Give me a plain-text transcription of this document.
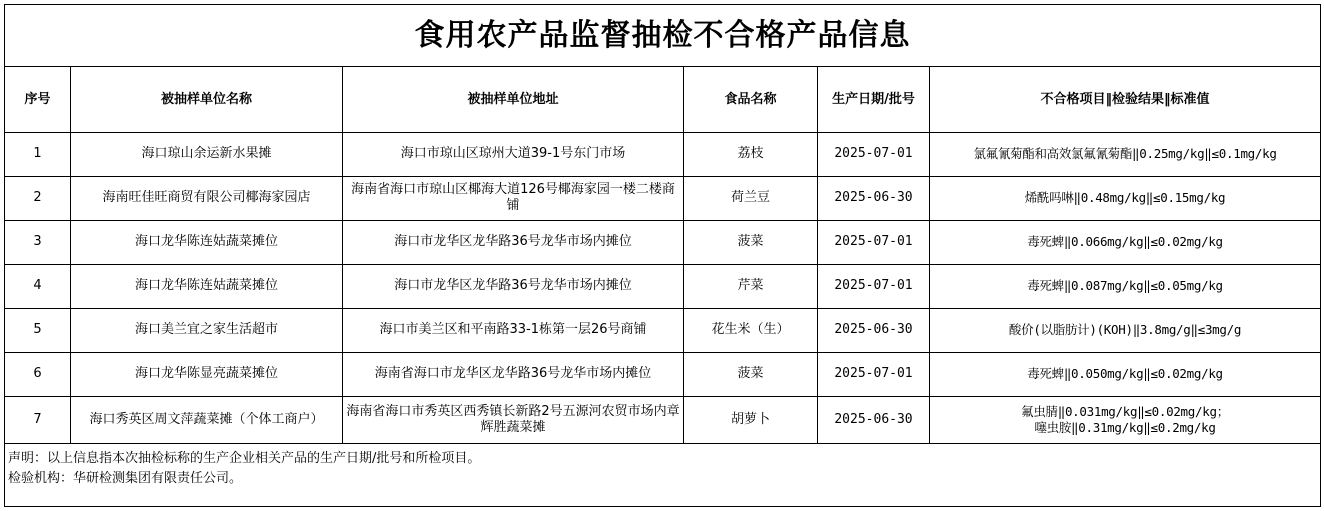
食用农产品监督抽检不合格产品信息					
序号	被抽样单位名称	被抽样单位地址	食品名称	生产日期/批号	不合格项目‖检验结果‖标准值
1	海口琼山余运新水果摊	海口市琼山区琼州大道39-1号东门市场	荔枝	2025-07-01	氯氟氰菊酯和高效氯氟氰菊酯‖0.25mg/kg‖≤0.1mg/kg

2	海南旺佳旺商贸有限公司椰海家园店	海南省海口市琼山区椰海大道126号椰海家园一楼二楼商铺	荷兰豆	2025-06-30	烯酰吗啉‖0.48mg/kg‖≤0.15mg/kg

3	海口龙华陈连姑蔬菜摊位	海口市龙华区龙华路36号龙华市场内摊位	菠菜	2025-07-01	毒死蜱‖0.066mg/kg‖≤0.02mg/kg

4	海口龙华陈连姑蔬菜摊位	海口市龙华区龙华路36号龙华市场内摊位	芹菜	2025-07-01	毒死蜱‖0.087mg/kg‖≤0.05mg/kg

5	海口美兰宜之家生活超市	海口市美兰区和平南路33-1栋第一层26号商铺	花生米（生）	2025-06-30	酸价(以脂肪计)(KOH)‖3.8mg/g‖≤3mg/g

6	海口龙华陈显亮蔬菜摊位	海南省海口市龙华区龙华路36号龙华市场内摊位	菠菜	2025-07-01	毒死蜱‖0.050mg/kg‖≤0.02mg/kg

7	海口秀英区周文萍蔬菜摊（个体工商户）	海南省海口市秀英区西秀镇长新路2号五源河农贸市场内章辉胜蔬菜摊	胡萝卜	2025-06-30	氟虫腈‖0.031mg/kg‖≤0.02mg/kg；
噻虫胺‖0.31mg/kg‖≤0.2mg/kg

声明：以上信息指本次抽检标称的生产企业相关产品的生产日期/批号和所检项目。
检验机构：华研检测集团有限责任公司。					
